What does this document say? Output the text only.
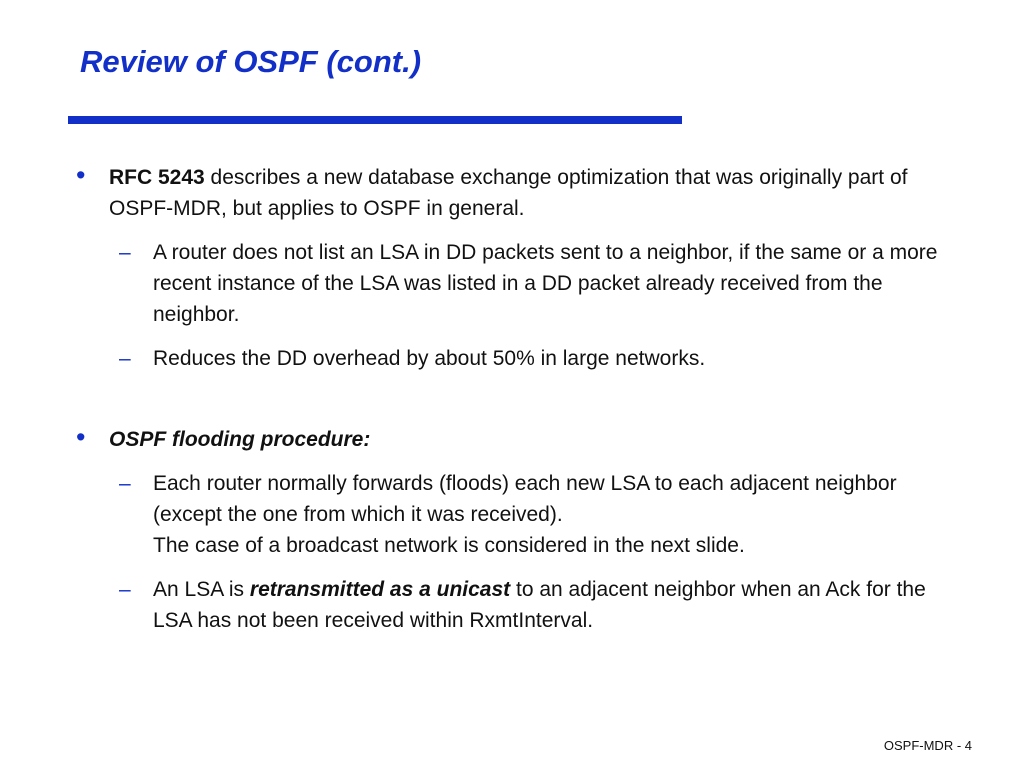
Review of OSPF (cont.)
• RFC 5243 describes a new database exchange optimization that was originally part of OSPF-MDR, but applies to OSPF in general.
– A router does not list an LSA in DD packets sent to a neighbor, if the same or a more recent instance of the LSA was listed in a DD packet already received from the neighbor.
– Reduces the DD overhead by about 50% in large networks.
• OSPF flooding procedure:
– Each router normally forwards (floods) each new LSA to each adjacent neighbor (except the one from which it was received).
The case of a broadcast network is considered in the next slide.
– An LSA is retransmitted as a unicast to an adjacent neighbor when an Ack for the LSA has not been received within RxmtInterval.
OSPF-MDR - 4
